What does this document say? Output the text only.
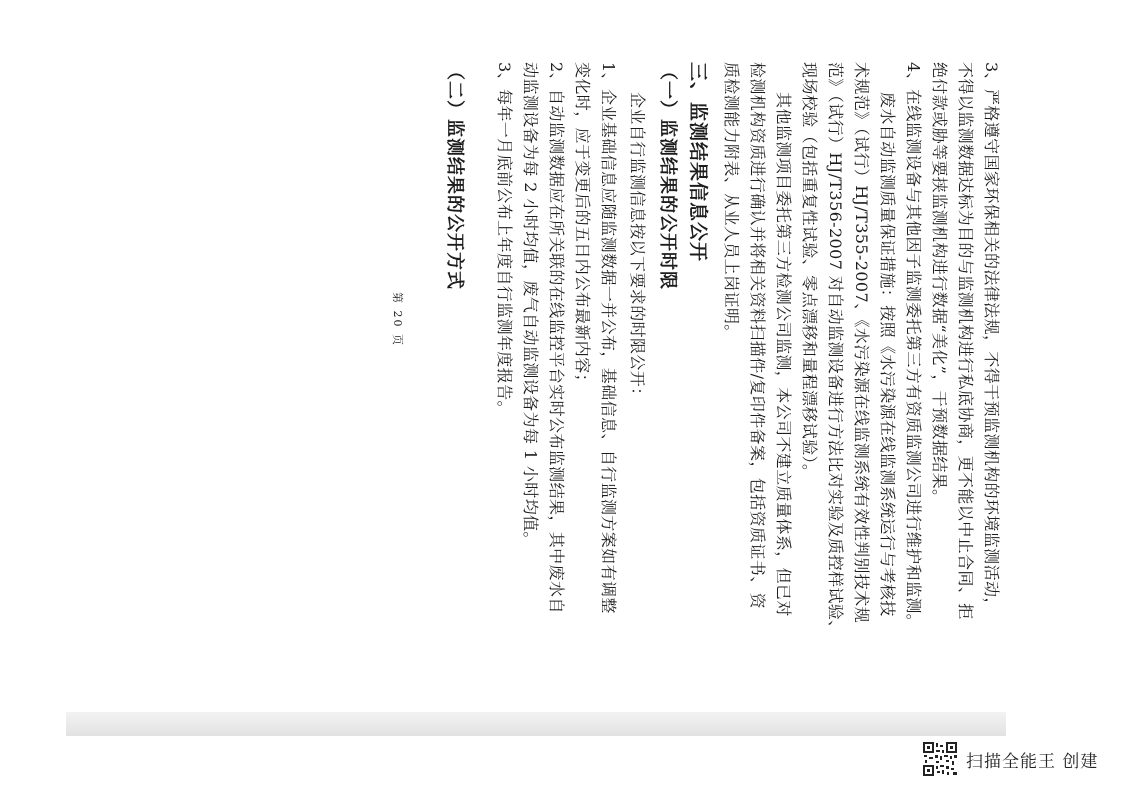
3、严格遵守国家环保相关的法律法规，不得干预监测机构的环境监测活动，
不得以监测数据达标为目的与监测机构进行私底协商，更不能以中止合同、拒
绝付款或胁等要挟监测机构进行数据“美化”，干预数据结果。
4、在线监测设备与其他因子监测委托第三方有资质监测公司进行维护和监测。
废水自动监测质量保证措施：按照《水污染源在线监测系统运行与考核技
术规范》（试行）HJ/T355-2007、《水污染源在线监测系统有效性判别技术规
范》（试行）HJ/T356-2007 对自动监测设备进行方法比对实验及质控样试验、
现场校验（包括重复性试验、零点漂移和量程漂移试验）。
其他监测项目委托第三方检测公司监测，本公司不建立质量体系，但已对
检测机构资质进行确认并将相关资料扫描件/复印件备案，包括资质证书、资
质检测能力附表、从业人员上岗证明。
三、监测结果信息公开
（一）监测结果的公开时限
企业自行监测信息按以下要求的时限公开：
1、企业基础信息应随监测数据一并公布，基础信息、自行监测方案如有调整
变化时，应于变更后的五日内公布最新内容；
2、自动监测数据应在所关联的在线监控平台实时公布监测结果，其中废水自
动监测设备为每 2 小时均值，废气自动监测设备为每 1 小时均值。
3、每年一月底前公布上年度自行监测年度报告。
（二）监测结果的公开方式
第 20 页
扫描全能王 创建
